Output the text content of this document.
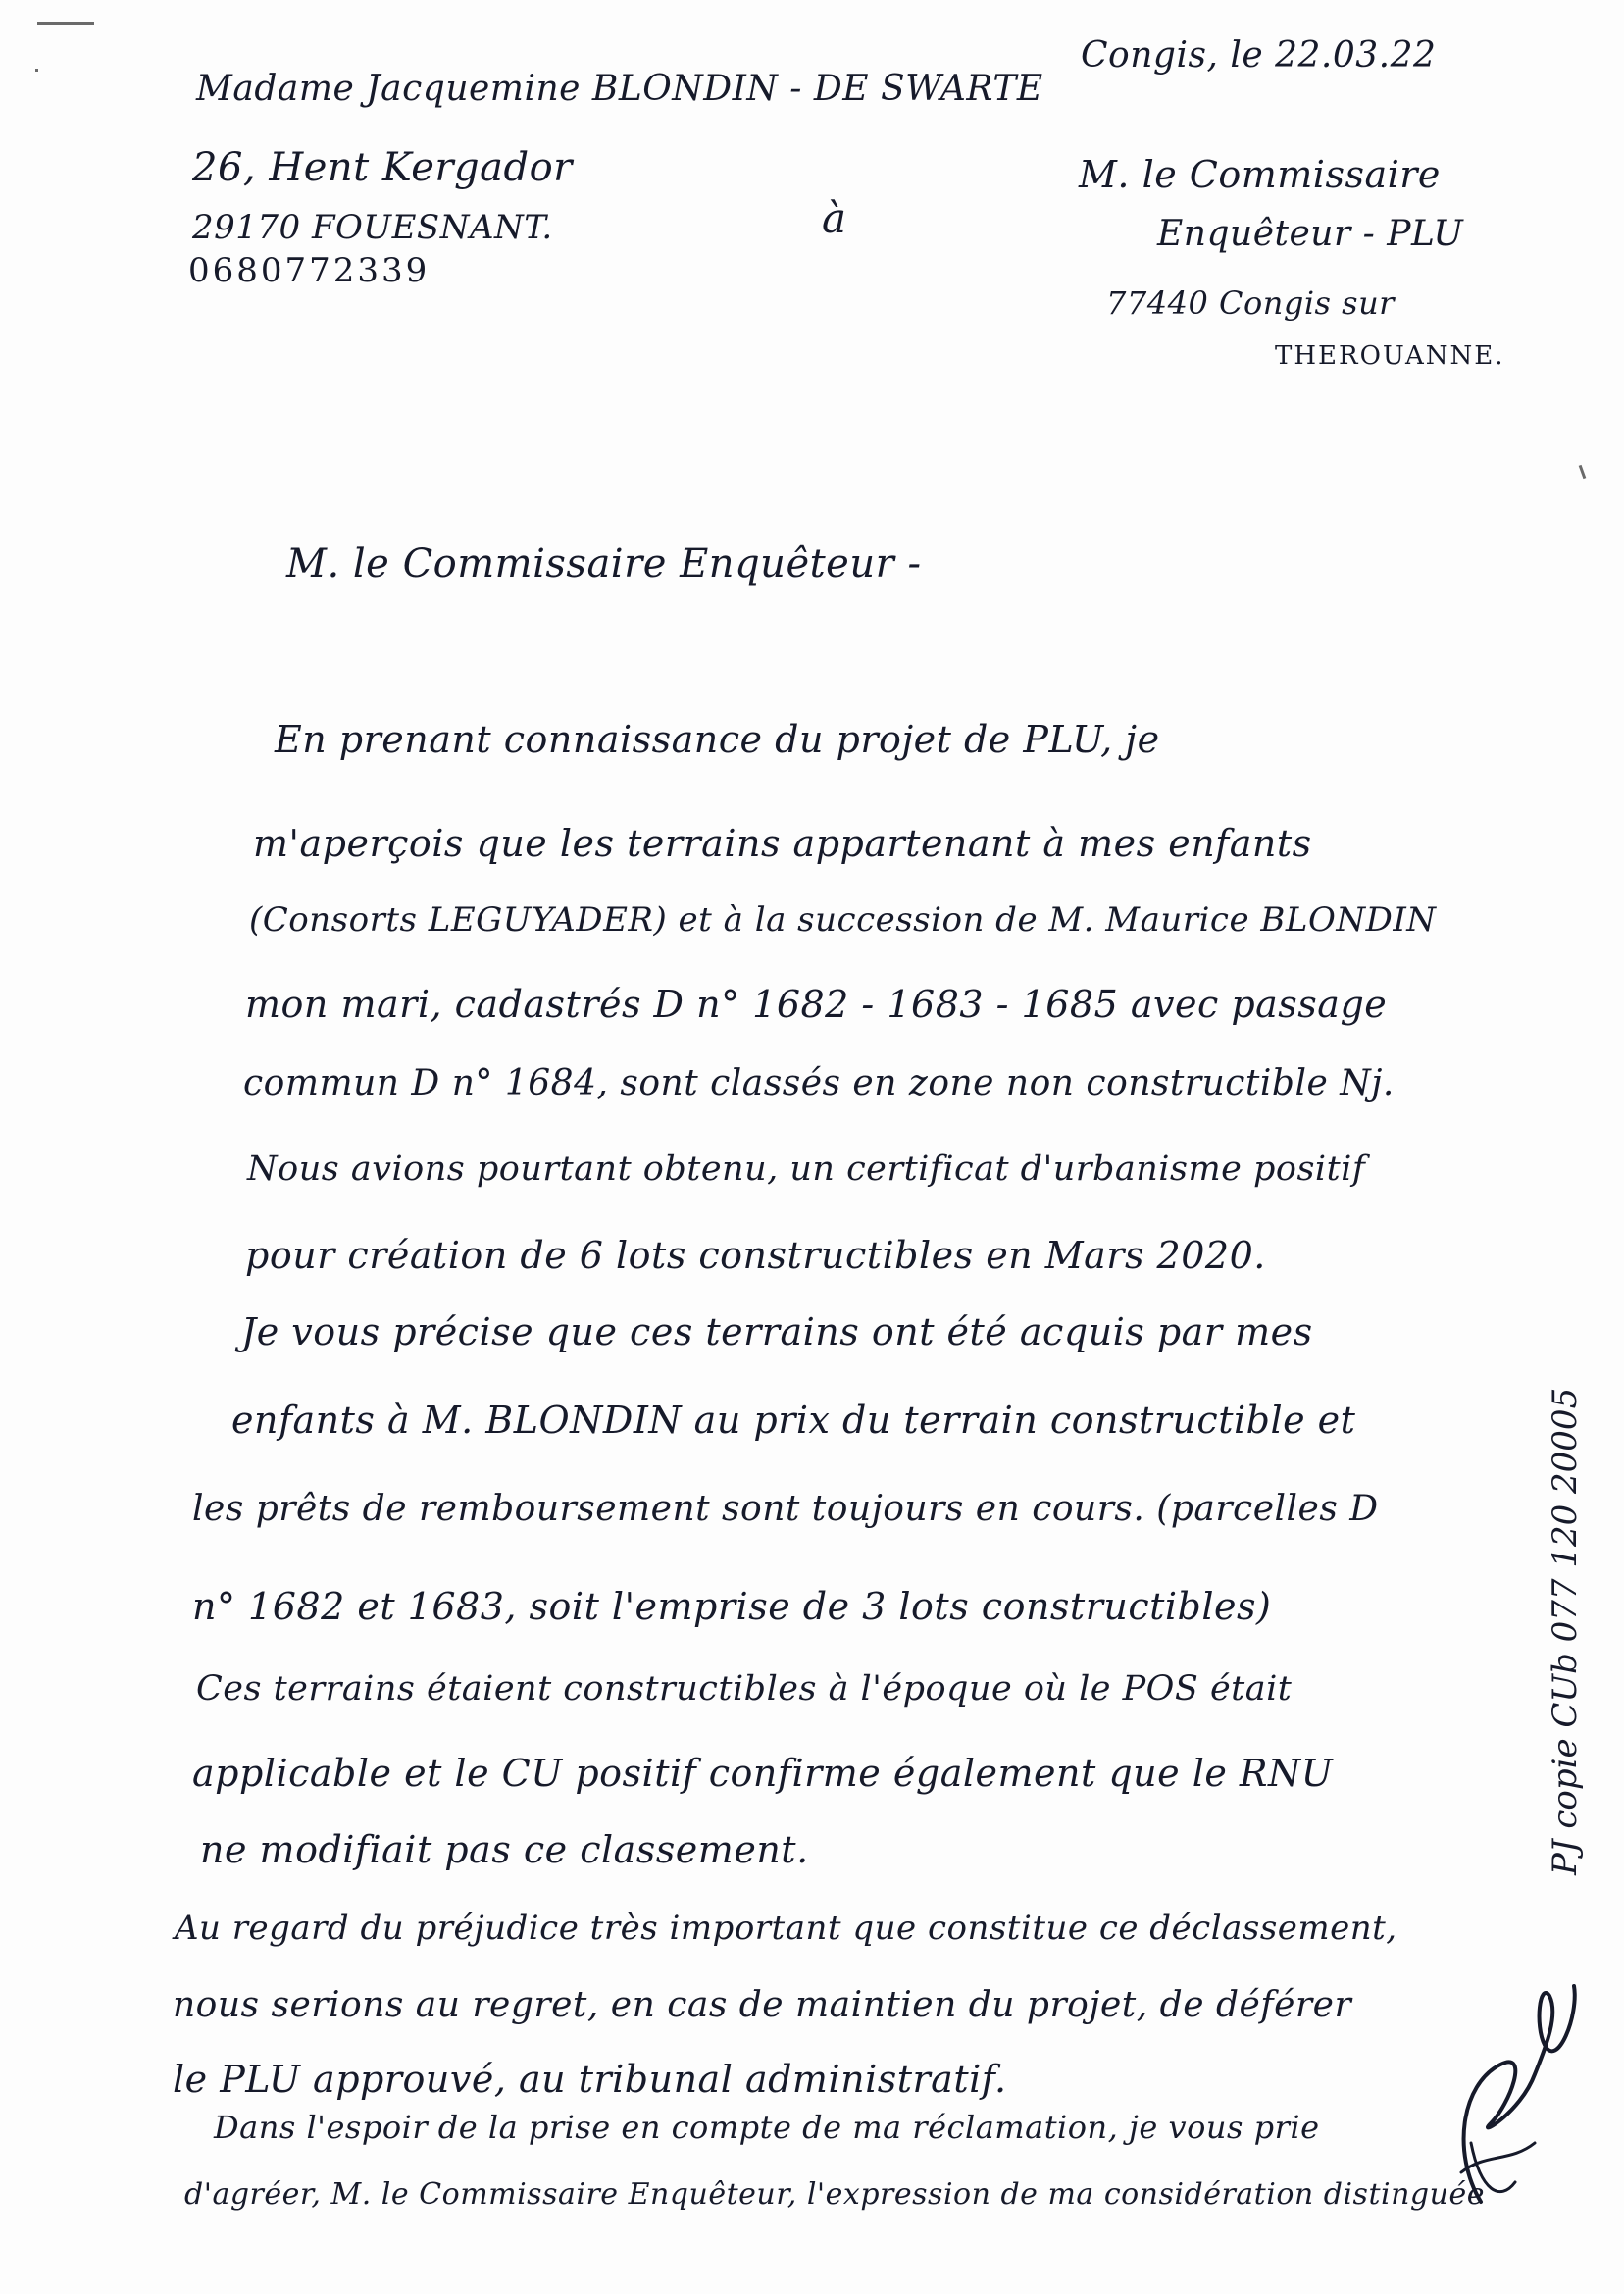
Madame Jacqueminе BLONDIN - DE SWARTE
26, Hent Kergador
29170 FOUESNANT.
0680772339
Congis, le 22.03.22
à
M. le Commissaire
Enquêteur - PLU
77440 Congis sur
THEROUANNE.
M. le Commissaire Enquêteur -
En prenant connaissance du projet de PLU, je
m'aperçois que les terrains appartenant à mes enfants
(Consorts LEGUYADER) et à la succession de M. Maurice BLONDIN
mon mari, cadastrés D n° 1682 - 1683 - 1685 avec passage
commun D n° 1684, sont classés en zone non constructible Nj.
Nous avions pourtant obtenu, un certificat d'urbanisme positif
pour création de 6 lots constructibles en Mars 2020.
Je vous précise que ces terrains ont été acquis par mes
enfants à M. BLONDIN au prix du terrain constructible et
les prêts de remboursement sont toujours en cours. (parcelles D
n° 1682 et 1683, soit l'emprise de 3 lots constructibles)
Ces terrains étaient constructibles à l'époque où le POS était
applicable et le CU positif confirme également que le RNU
ne modifiait pas ce classement.
Au regard du préjudice très important que constitue ce déclassement,
nous serions au regret, en cas de maintien du projet, de déférer
le PLU approuvé, au tribunal administratif.
Dans l'espoir de la prise en compte de ma réclamation, je vous prie
d'agréer, M. le Commissaire Enquêteur, l'expression de ma considération distinguée
PJ copie CUb 077 120 20005
